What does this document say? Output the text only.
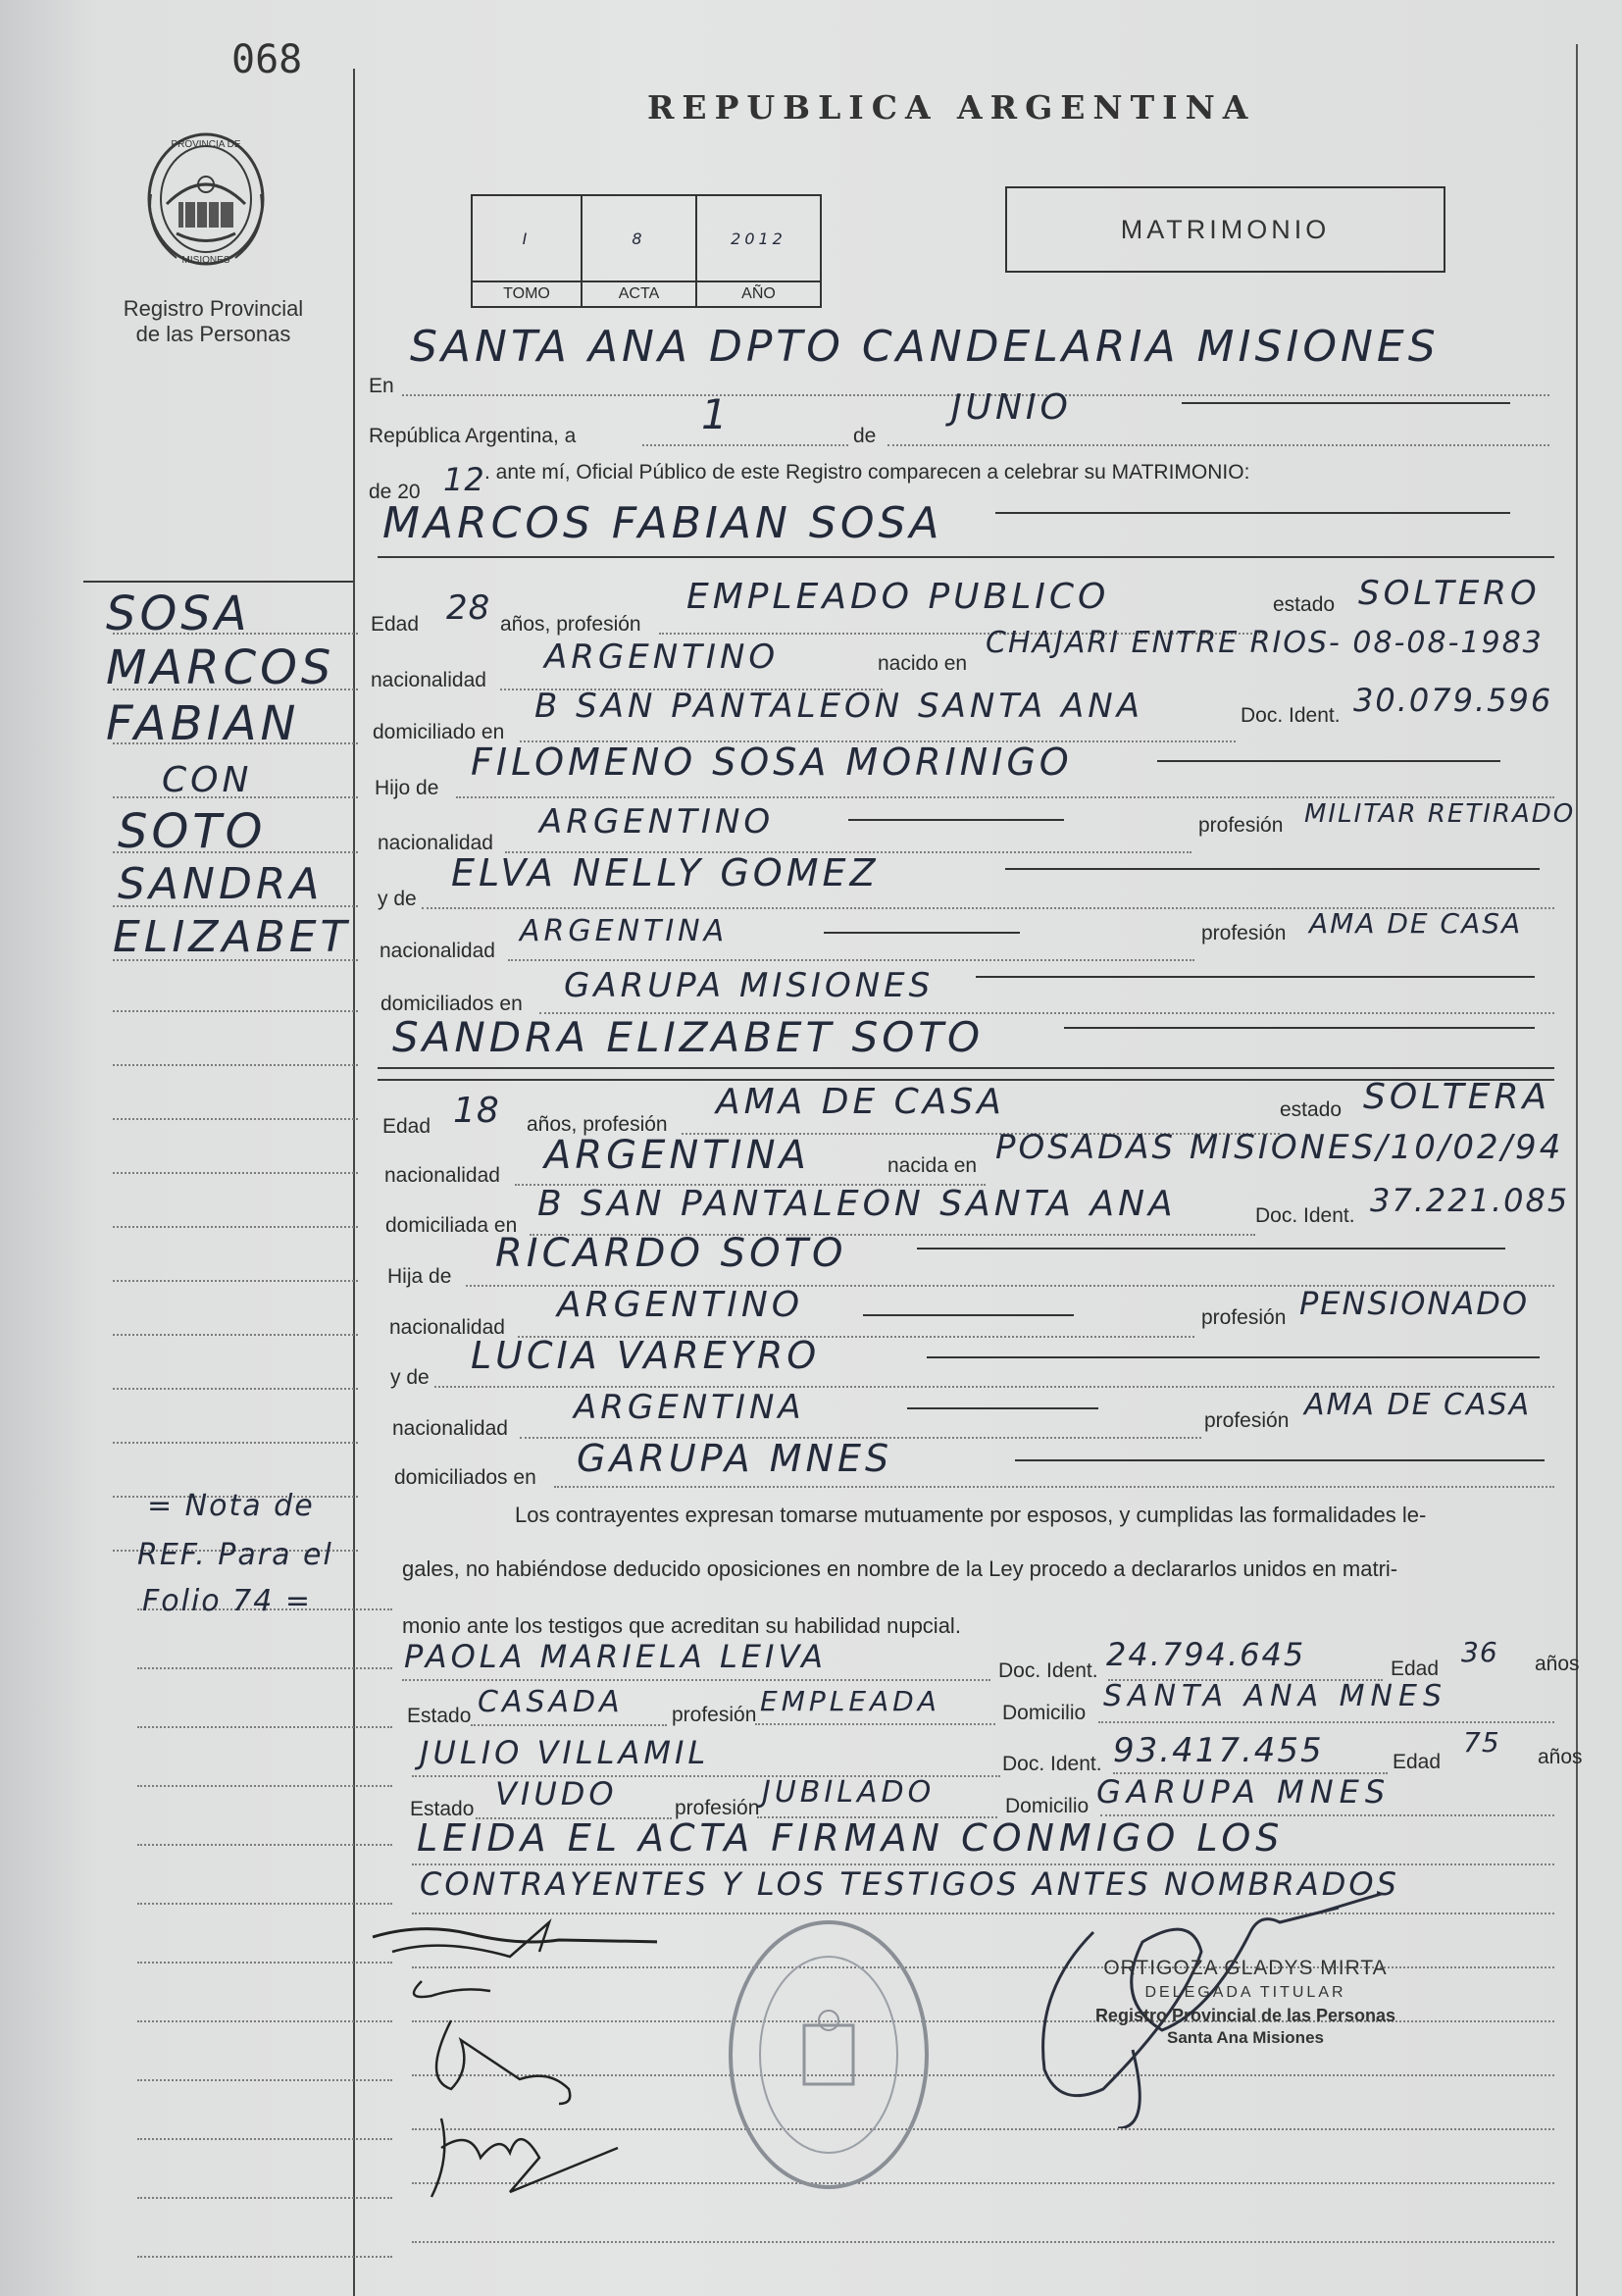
068
PROVINCIA DE
MISIONES
Registro Provincial
de las Personas
REPUBLICA ARGENTINA
I	8	2012
TOMO	ACTA	AÑO
MATRIMONIO
En
SANTA ANA DPTO CANDELARIA MISIONES
República Argentina, a	1	de
JUNIO
de 20 12 . ante mí, Oficial Público de este Registro comparecen a celebrar su MATRIMONIO:
MARCOS FABIAN SOSA
SOSA
MARCOS
FABIAN
CON
SOTO
SANDRA
ELIZABET
= Nota de
REF. Para el
Folio 74 =
Edad 28 años, profesión
EMPLEADO PUBLICO	estado SOLTERO
nacionalidad
ARGENTINO	nacido en
CHAJARI ENTRE RIOS- 08-08-1983
domiciliado en
B SAN PANTALEON SANTA ANA	Doc. Ident. 30.079.596
Hijo de
FILOMENO SOSA MORINIGO
nacionalidad
ARGENTINO	profesión MILITAR RETIRADO
y de
ELVA NELLY GOMEZ
nacionalidad
ARGENTINA	profesión AMA DE CASA
domiciliados en GARUPA MISIONES
SANDRA ELIZABET SOTO
Edad 18 años, profesión
AMA DE CASA	estado SOLTERA
nacionalidad ARGENTINA	nacida en POSADAS MISIONES/10/02/94
domiciliada en
B SAN PANTALEON SANTA ANA	Doc. Ident. 37.221.085
Hija de
RICARDO SOTO
nacionalidad
ARGENTINO	profesión PENSIONADO
y de
LUCIA VAREYRO
nacionalidad
ARGENTINA	profesión AMA DE CASA
domiciliados en GARUPA MNES
Los contrayentes expresan tomarse mutuamente por esposos, y cumplidas las formalidades le-
gales, no habiéndose deducido oposiciones en nombre de la Ley procedo a declararlos unidos en matri-
monio ante los testigos que acreditan su habilidad nupcial.
PAOLA MARIELA LEIVA	Doc. Ident. 24.794.645	Edad
36 años
Estado CASADA profesión EMPLEADA	Domicilio SANTA ANA MNES
JULIO VILLAMIL	Doc. Ident. 93.417.455	Edad
75 años
Estado VIUDO	profesión JUBILADO	Domicilio GARUPA MNES
LEIDA EL ACTA FIRMAN CONMIGO LOS
CONTRAYENTES Y LOS TESTIGOS ANTES NOMBRADOS
ORTIGOZA GLADYS MIRTA
DELEGADA TITULAR
Registro Provincial de las Personas
Santa Ana Misiones
